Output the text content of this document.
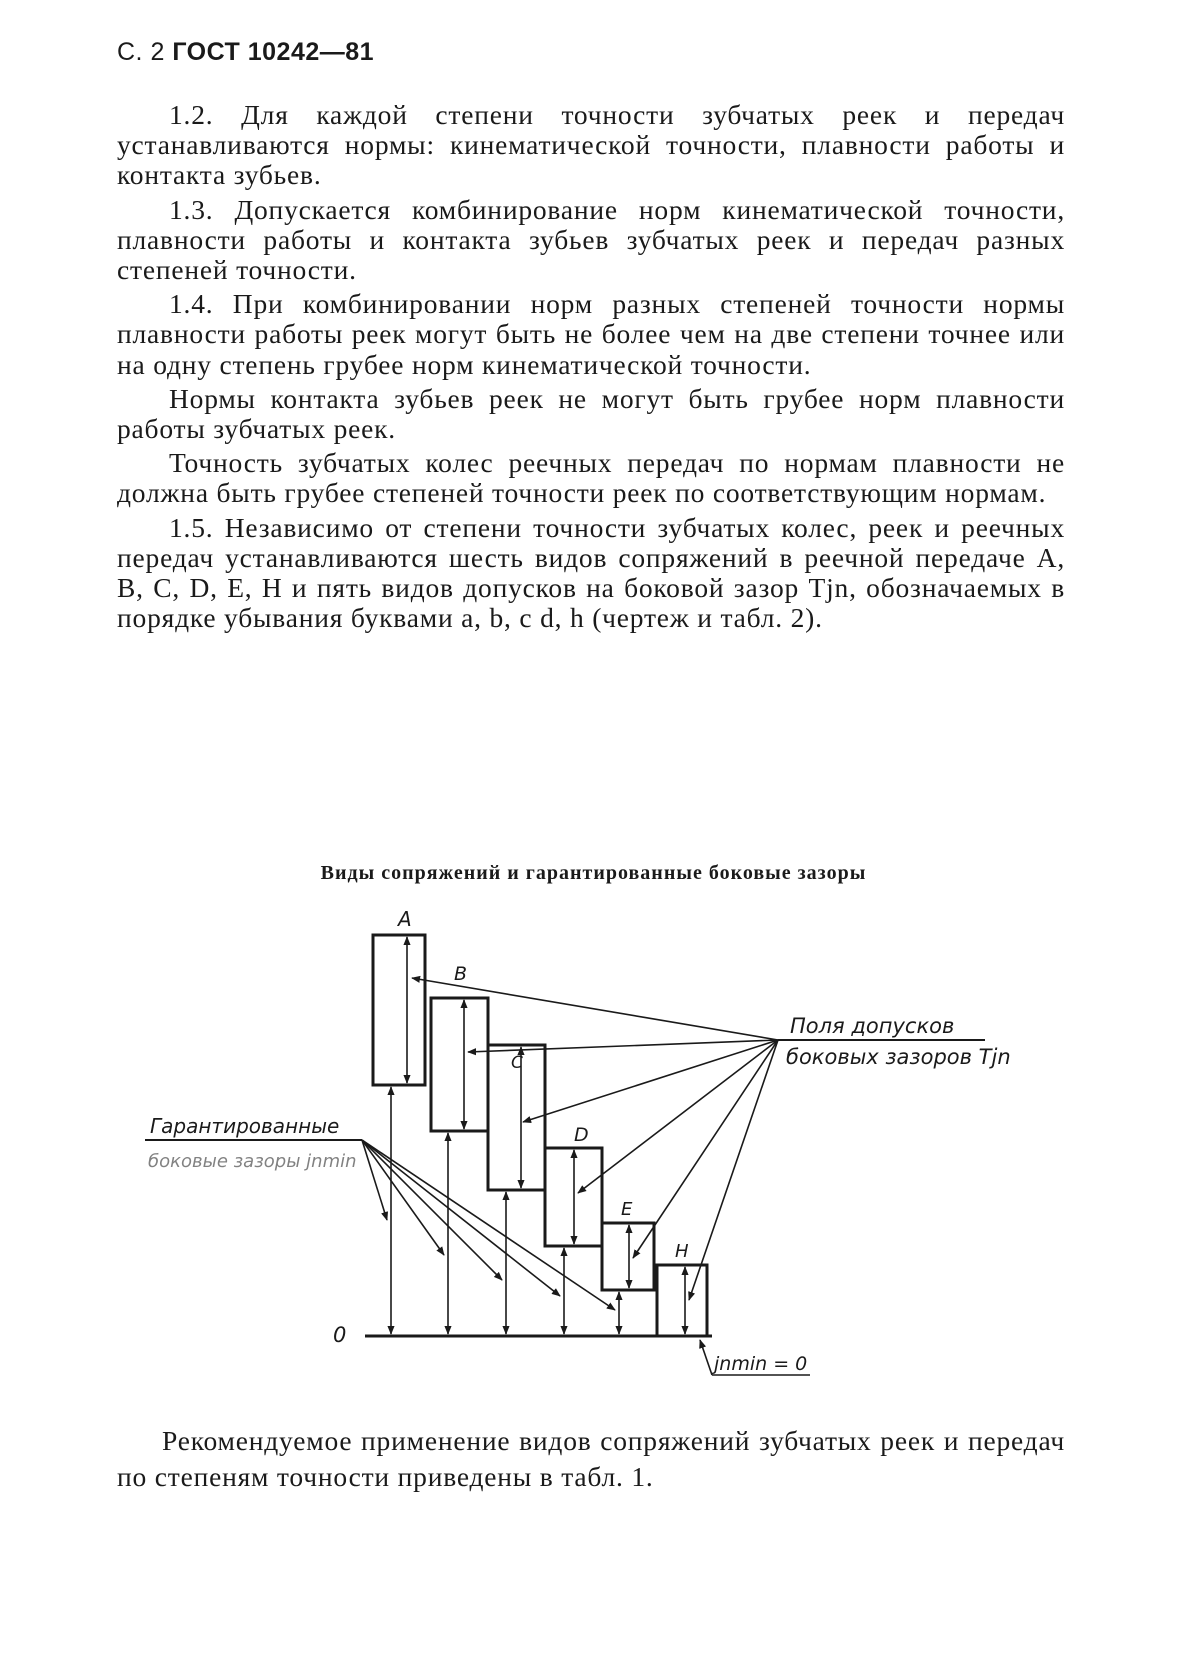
С. 2 ГОСТ 10242—81

1.2. Для каждой степени точности зубчатых реек и передач устанавливаются нормы: кинематической точности, плавности работы и контакта зубьев.

1.3. Допускается комбинирование норм кинематической точности, плавности работы и контакта зубьев зубчатых реек и передач разных степеней точности.

1.4. При комбинировании норм разных степеней точности нормы плавности работы реек могут быть не более чем на две степени точнее или на одну степень грубее норм кинематической точности.

Нормы контакта зубьев реек не могут быть грубее норм плавности работы зубчатых реек.

Точность зубчатых колес реечных передач по нормам плавности не должна быть грубее степеней точности реек по соответствующим нормам.

1.5. Независимо от степени точности зубчатых колес, реек и реечных передач устанавливаются шесть видов сопряжений в реечной передаче А, В, С, D, Е, Н и пять видов допусков на боковой зазор Tjn, обозначаемых в порядке убывания буквами a, b, c d, h (чертеж и табл. 2).

Виды сопряжений и гарантированные боковые зазоры
A
B
C
D
E
H
Поля допусков
боковых зазоров Tjn
Гарантированные
боковые зазоры jnmin
0
jnmin = 0

Рекомендуемое применение видов сопряжений зубчатых реек и передач по степеням точности приведены в табл. 1.
